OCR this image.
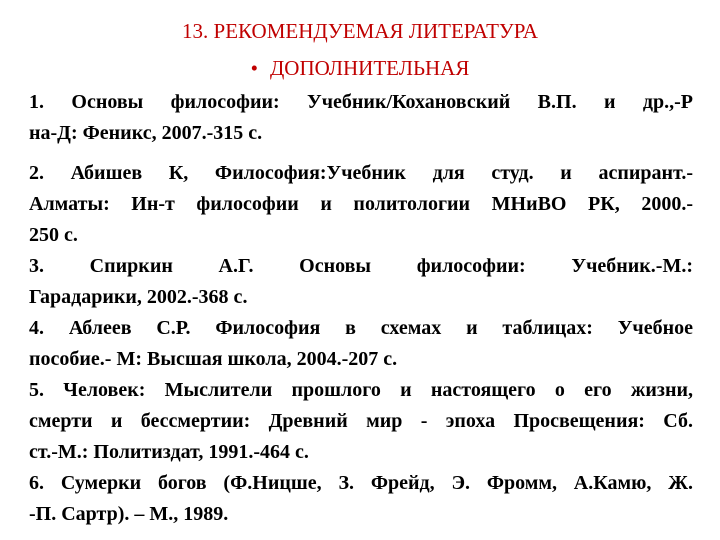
13. РЕКОМЕНДУЕМАЯ ЛИТЕРАТУРА
• ДОПОЛНИТЕЛЬНАЯ
1. Основы философии: Учебник/Кохановский В.П. и др.,-Р
на-Д: Феникс, 2007.-315 с.
2. Абишев К, Философия:Учебник для студ. и аспирант.-
Алматы: Ин-т философии и политологии МНиВО РК, 2000.-
250 с.
3. Спиркин А.Г. Основы философии: Учебник.-М.:
Гарадарики, 2002.-368 с.
4. Аблеев С.Р. Философия в схемах и таблицах: Учебное
пособие.- М: Высшая школа, 2004.-207 с.
5. Человек: Мыслители прошлого и настоящего о его жизни,
смерти и бессмертии: Древний мир - эпоха Просвещения: Сб.
ст.-М.: Политиздат, 1991.-464 с.
6. Сумерки богов (Ф.Ницше, З. Фрейд, Э. Фромм, А.Камю, Ж.
-П. Сартр). – М., 1989.
